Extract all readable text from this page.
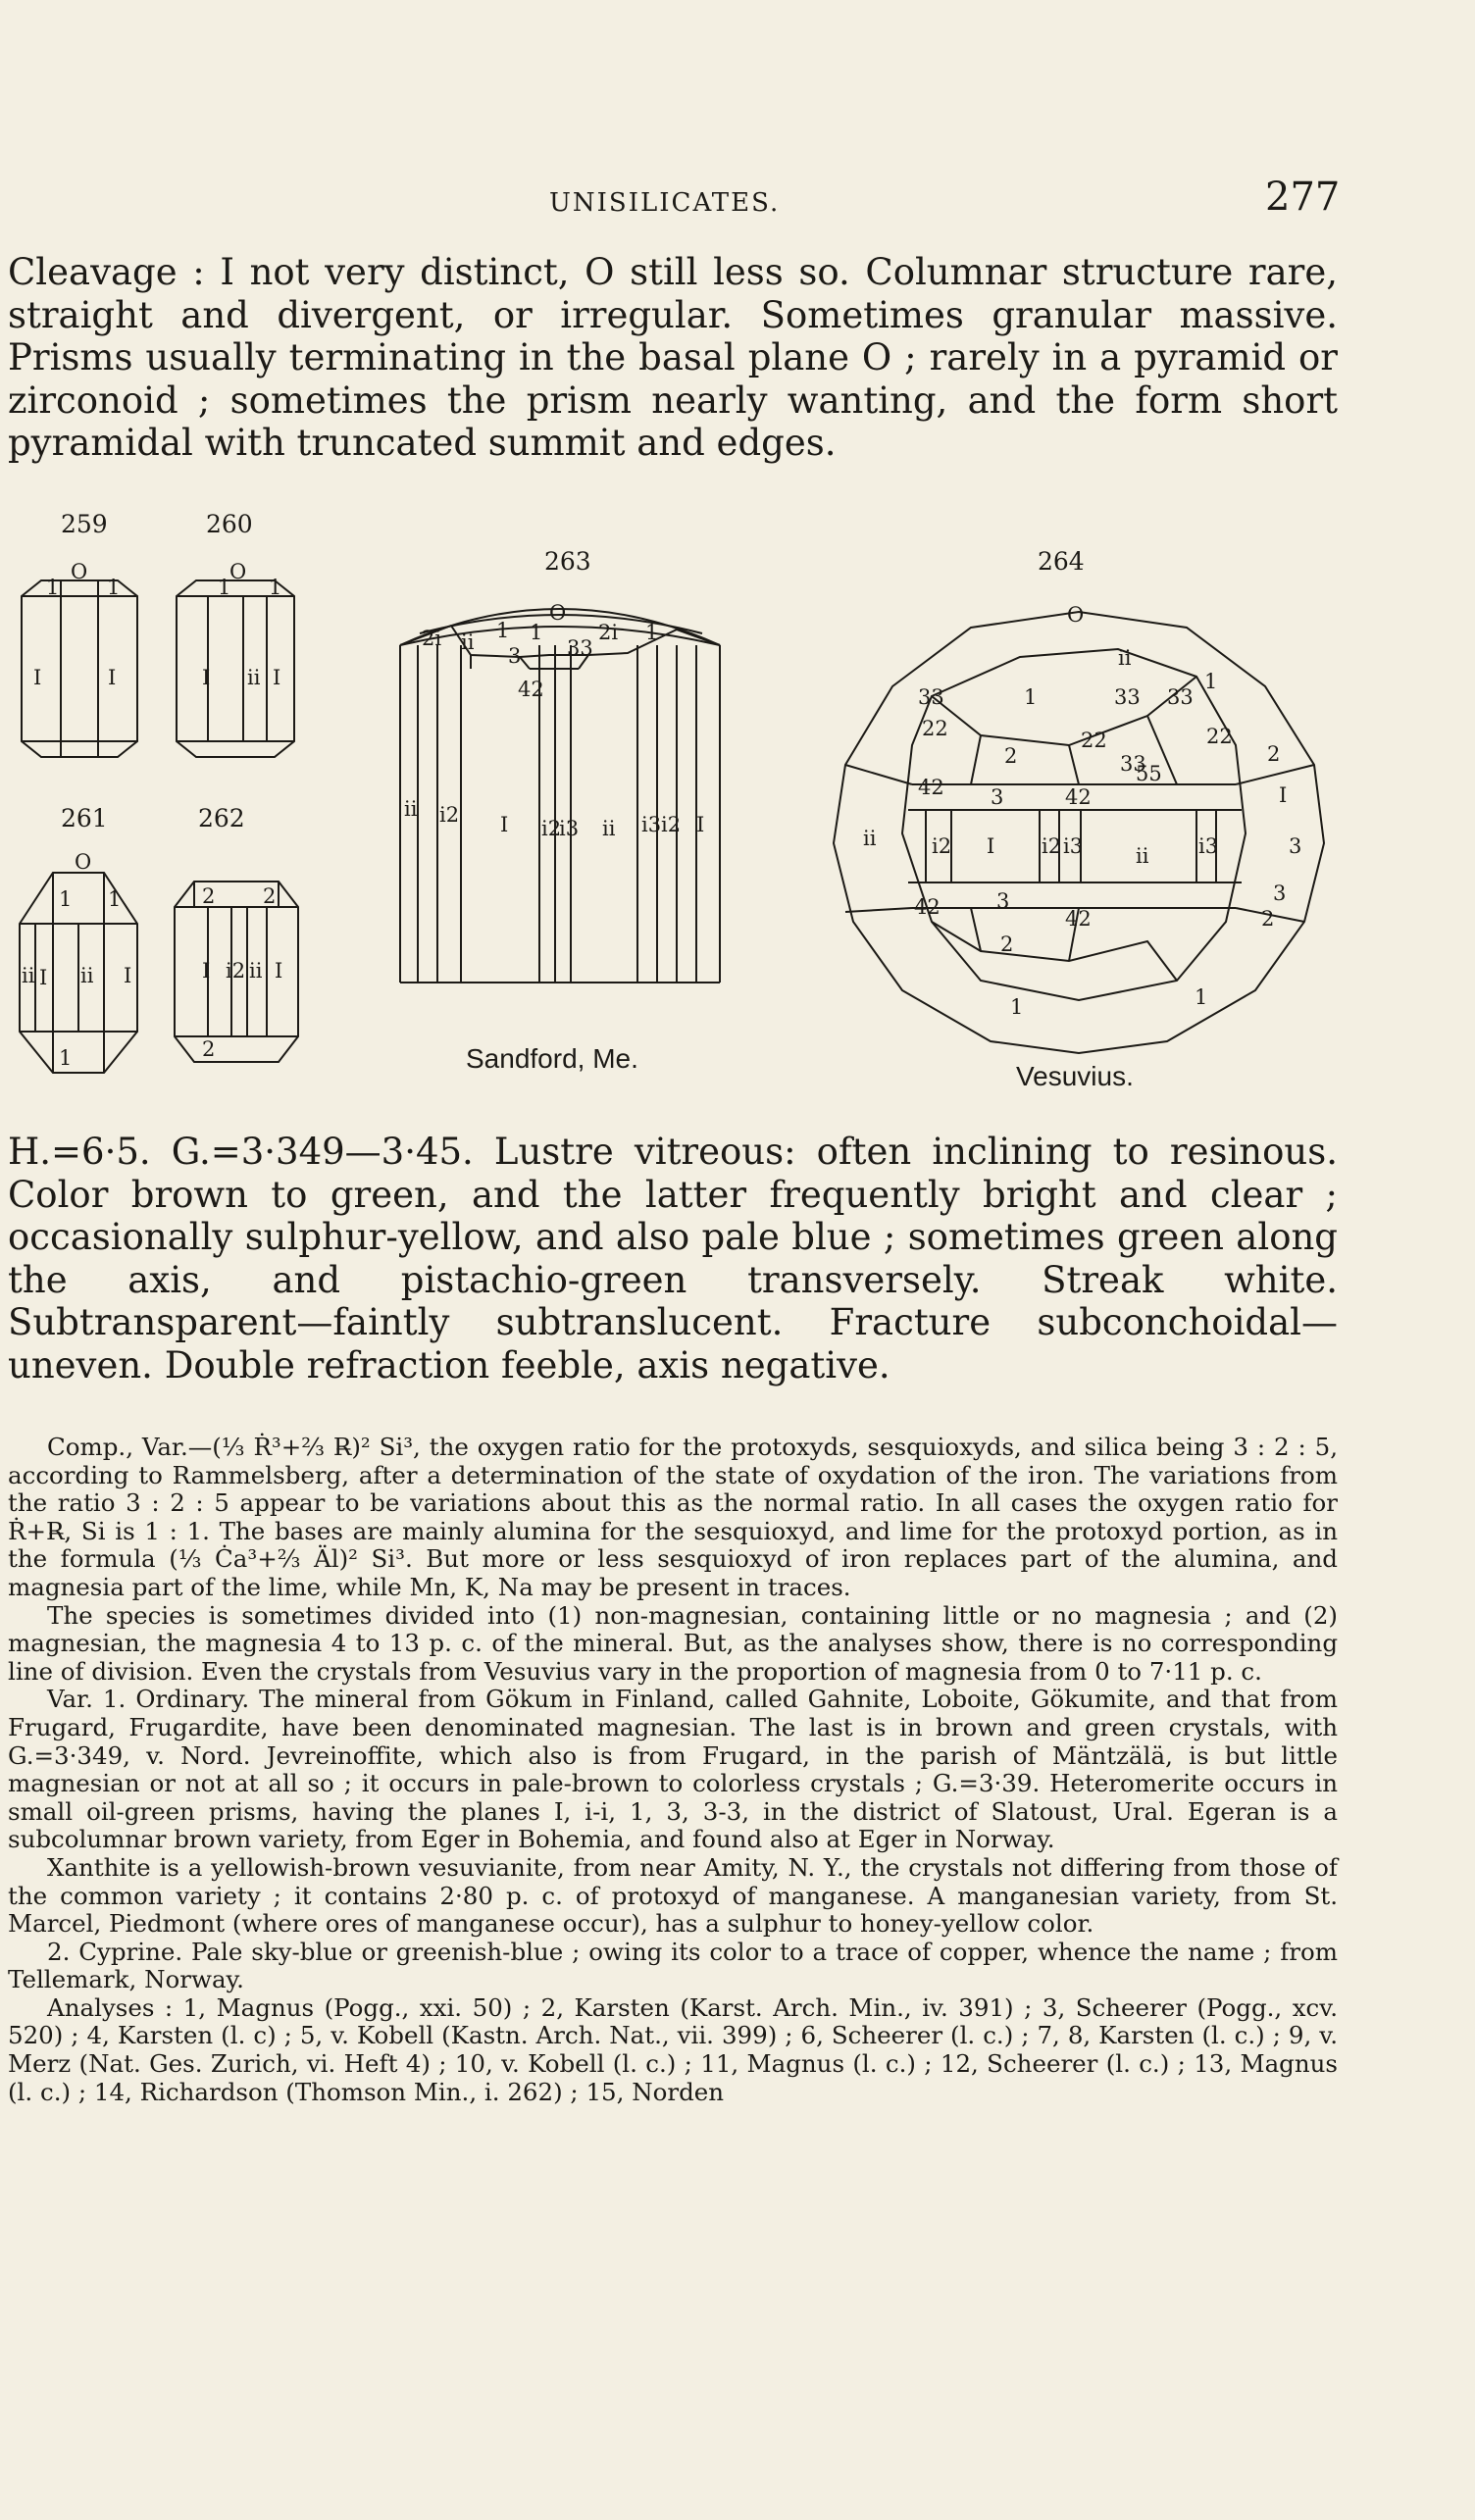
UNISILICATES.	277
Cleavage : I not very distinct, O still less so. Columnar structure rare, straight and divergent, or irregular. Sometimes granular massive. Prisms usually terminating in the basal plane O ; rarely in a pyramid or zirconoid ; sometimes the prism nearly wanting, and the form short pyramidal with truncated summit and edges.
259
O
1 1
I	I
260
O
1 1
I ii I
261
O
1 1
ii I ii I
1
262
2 2
I i2 ii I
2
263
O
1	1
2i	2i
1
33
ii
3
42
ii i2 I i2
i3 ii i3 i2 I
Sandford, Me.
264
O
1
1
ii
33 33
33
22	22	22
2	2
42 3
55
42	I
ii	i2 I i2	ii
i3	i3	3
42	3
42
3
2
1	1
33
2
Vesuvius.
H.=6·5. G.=3·349—3·45. Lustre vitreous: often inclining to resinous. Color brown to green, and the latter frequently bright and clear ; occasionally sulphur-yellow, and also pale blue ; sometimes green along the axis, and pistachio-green transversely. Streak white. Subtransparent—faintly subtranslucent. Fracture subconchoidal—uneven. Double refraction feeble, axis negative.

Comp., Var.—(⅓ Ṙ³+⅔ R̶)² Si³, the oxygen ratio for the protoxyds, sesquioxyds, and silica being 3 : 2 : 5, according to Rammelsberg, after a determination of the state of oxydation of the iron. The variations from the ratio 3 : 2 : 5 appear to be variations about this as the normal ratio. In all cases the oxygen ratio for Ṙ+R̶, Si is 1 : 1. The bases are mainly alumina for the sesquioxyd, and lime for the protoxyd portion, as in the formula (⅓ Ċa³+⅔ Äl)² Si³. But more or less sesquioxyd of iron replaces part of the alumina, and magnesia part of the lime, while Mn, K, Na may be present in traces.

The species is sometimes divided into (1) non-magnesian, containing little or no magnesia ; and (2) magnesian, the magnesia 4 to 13 p. c. of the mineral. But, as the analyses show, there is no corresponding line of division. Even the crystals from Vesuvius vary in the proportion of magnesia from 0 to 7·11 p. c.

Var. 1. Ordinary. The mineral from Gökum in Finland, called Gahnite, Loboite, Gökumite, and that from Frugard, Frugardite, have been denominated magnesian. The last is in brown and green crystals, with G.=3·349, v. Nord. Jevreinoffite, which also is from Frugard, in the parish of Mäntzälä, is but little magnesian or not at all so ; it occurs in pale-brown to colorless crystals ; G.=3·39. Heteromerite occurs in small oil-green prisms, having the planes I, i-i, 1, 3, 3-3, in the district of Slatoust, Ural. Egeran is a subcolumnar brown variety, from Eger in Bohemia, and found also at Eger in Norway.

Xanthite is a yellowish-brown vesuvianite, from near Amity, N. Y., the crystals not differing from those of the common variety ; it contains 2·80 p. c. of protoxyd of manganese. A manganesian variety, from St. Marcel, Piedmont (where ores of manganese occur), has a sulphur to honey-yellow color.

2. Cyprine. Pale sky-blue or greenish-blue ; owing its color to a trace of copper, whence the name ; from Tellemark, Norway.

Analyses : 1, Magnus (Pogg., xxi. 50) ; 2, Karsten (Karst. Arch. Min., iv. 391) ; 3, Scheerer (Pogg., xcv. 520) ; 4, Karsten (l. c) ; 5, v. Kobell (Kastn. Arch. Nat., vii. 399) ; 6, Scheerer (l. c.) ; 7, 8, Karsten (l. c.) ; 9, v. Merz (Nat. Ges. Zurich, vi. Heft 4) ; 10, v. Kobell (l. c.) ; 11, Magnus (l. c.) ; 12, Scheerer (l. c.) ; 13, Magnus (l. c.) ; 14, Richardson (Thomson Min., i. 262) ; 15, Norden
